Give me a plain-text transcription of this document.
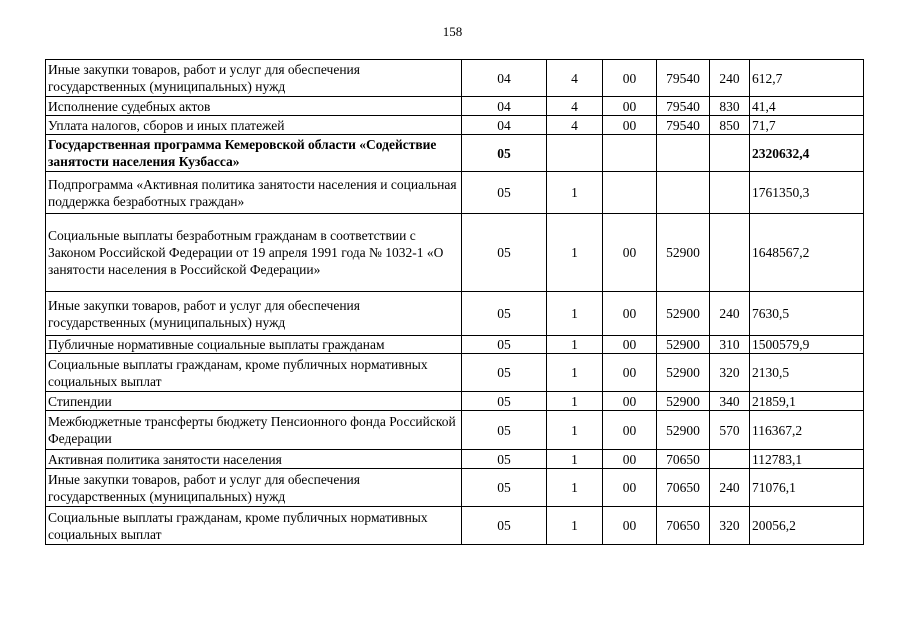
158
Иные закупки товаров, работ и услуг для обеспечения государственных (муниципальных) нужд	04	4	00	79540	240	612,7
Исполнение судебных актов	04	4	00	79540	830	41,4
Уплата налогов, сборов и иных платежей	04	4	00	79540	850	71,7
Государственная программа Кемеровской области «Содействие занятости населения Кузбасса»	05					2320632,4
Подпрограмма «Активная политика занятости населения и социальная поддержка безработных граждан»	05	1				1761350,3
Социальные выплаты безработным гражданам в соответствии с Законом Российской Федерации от 19 апреля 1991 года № 1032-1 «О занятости населения в Российской Федерации»	05	1	00	52900		1648567,2
Иные закупки товаров, работ и услуг для обеспечения государственных (муниципальных) нужд	05	1	00	52900	240	7630,5
Публичные нормативные социальные выплаты гражданам	05	1	00	52900	310	1500579,9
Социальные выплаты гражданам, кроме публичных нормативных социальных выплат	05	1	00	52900	320	2130,5
Стипендии	05	1	00	52900	340	21859,1
Межбюджетные трансферты бюджету Пенсионного фонда Российской Федерации	05	1	00	52900	570	116367,2
Активная политика занятости населения	05	1	00	70650		112783,1
Иные закупки товаров, работ и услуг для обеспечения государственных (муниципальных) нужд	05	1	00	70650	240	71076,1
Социальные выплаты гражданам, кроме публичных нормативных социальных выплат	05	1	00	70650	320	20056,2
